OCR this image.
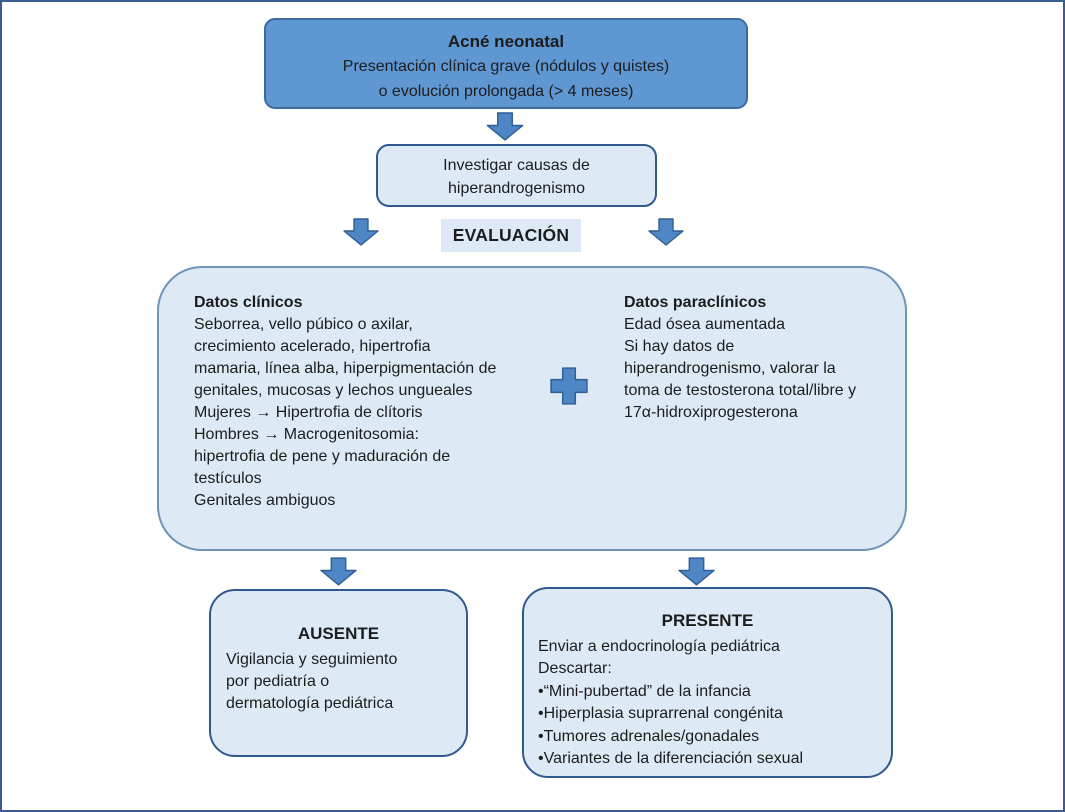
Acné neonatal
Presentación clínica grave (nódulos y quistes)
o evolución prolongada (> 4 meses)
Investigar causas de
hiperandrogenismo
EVALUACIÓN
Datos clínicos
Seborrea, vello púbico o axilar,
crecimiento acelerado, hipertrofia
mamaria, línea alba, hiperpigmentación de
genitales, mucosas y lechos ungueales
Mujeres → Hipertrofia de clítoris
Hombres → Macrogenitosomia:
hipertrofia de pene y maduración de
testículos
Genitales ambiguos
Datos paraclínicos
Edad ósea aumentada
Si hay datos de
hiperandrogenismo, valorar la
toma de testosterona total/libre y
17α-hidroxiprogesterona
AUSENTE
Vigilancia y seguimiento
por pediatría o
dermatología pediátrica
PRESENTE
Enviar a endocrinología pediátrica
Descartar:
•“Mini-pubertad” de la infancia
•Hiperplasia suprarrenal congénita
•Tumores adrenales/gonadales
•Variantes de la diferenciación sexual
